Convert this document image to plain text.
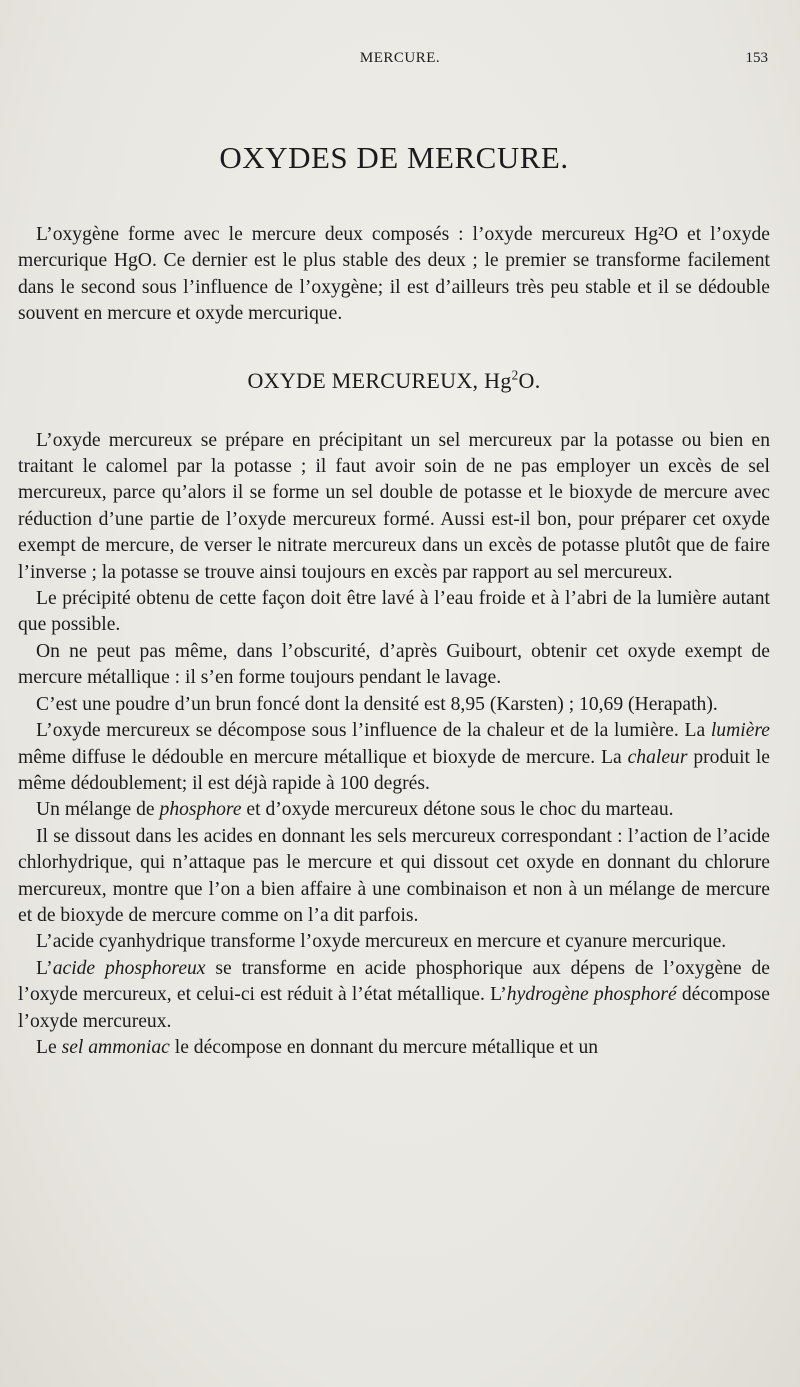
MERCURE.	153
OXYDES DE MERCURE.

L’oxygène forme avec le mercure deux composés : l’oxyde mercureux Hg²O et l’oxyde mercurique HgO. Ce dernier est le plus stable des deux ; le premier se transforme facilement dans le second sous l’influence de l’oxygène; il est d’ailleurs très peu stable et il se dédouble souvent en mercure et oxyde mercurique.

OXYDE MERCUREUX, Hg$^2$O.

L’oxyde mercureux se prépare en précipitant un sel mercureux par la potasse ou bien en traitant le calomel par la potasse ; il faut avoir soin de ne pas employer un excès de sel mercureux, parce qu’alors il se forme un sel double de potasse et le bioxyde de mercure avec réduction d’une partie de l’oxyde mercureux formé. Aussi est-il bon, pour préparer cet oxyde exempt de mercure, de verser le nitrate mercureux dans un excès de potasse plutôt que de faire l’inverse ; la potasse se trouve ainsi toujours en excès par rapport au sel mercureux.

Le précipité obtenu de cette façon doit être lavé à l’eau froide et à l’abri de la lumière autant que possible.

On ne peut pas même, dans l’obscurité, d’après Guibourt, obtenir cet oxyde exempt de mercure métallique : il s’en forme toujours pendant le lavage.

C’est une poudre d’un brun foncé dont la densité est 8,95 (Karsten) ; 10,69 (Herapath).

L’oxyde mercureux se décompose sous l’influence de la chaleur et de la lumière. La lumière même diffuse le dédouble en mercure métallique et bioxyde de mercure. La chaleur produit le même dédoublement; il est déjà rapide à 100 degrés.

Un mélange de phosphore et d’oxyde mercureux détone sous le choc du marteau.

Il se dissout dans les acides en donnant les sels mercureux correspondant : l’action de l’acide chlorhydrique, qui n’attaque pas le mercure et qui dissout cet oxyde en donnant du chlorure mercureux, montre que l’on a bien affaire à une combinaison et non à un mélange de mercure et de bioxyde de mercure comme on l’a dit parfois.

L’acide cyanhydrique transforme l’oxyde mercureux en mercure et cyanure mercurique.

L’acide phosphoreux se transforme en acide phosphorique aux dépens de l’oxygène de l’oxyde mercureux, et celui-ci est réduit à l’état métallique. L’hydrogène phosphoré décompose l’oxyde mercureux.

Le sel ammoniac le décompose en donnant du mercure métallique et un
